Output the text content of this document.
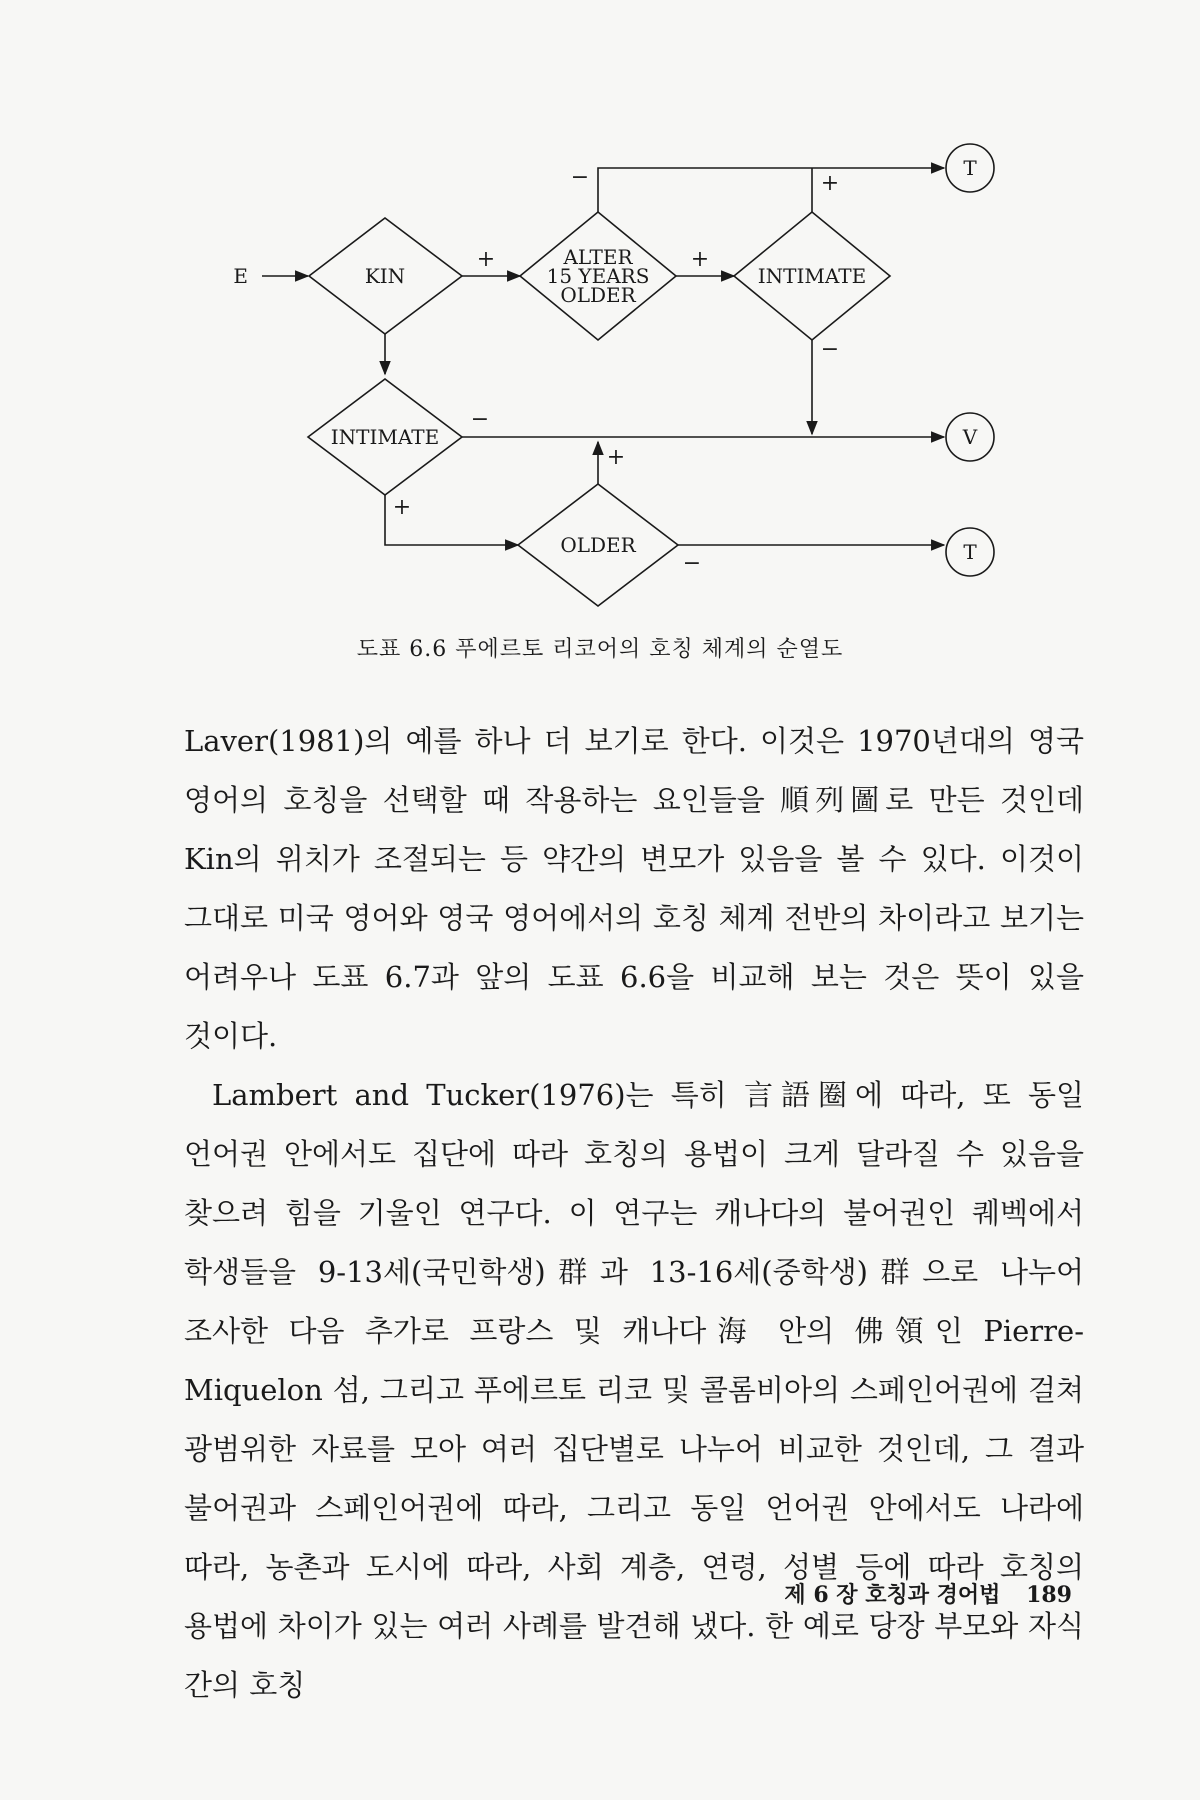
E	KIN
ALTER
15 YEARS
OLDER
INTIMATE
INTIMATE
OLDER
T
V
T
−	+
+	+
−
−
+
+
−
도표 6.6 푸에르토 리코어의 호칭 체계의 순열도

Laver(1981)의 예를 하나 더 보기로 한다. 이것은 1970년대의 영국 영어의 호칭을 선택할 때 작용하는 요인들을 順列圖로 만든 것인데 Kin의 위치가 조절되는 등 약간의 변모가 있음을 볼 수 있다. 이것이 그대로 미국 영어와 영국 영어에서의 호칭 체계 전반의 차이라고 보기는 어려우나 도표 6.7과 앞의 도표 6.6을 비교해 보는 것은 뜻이 있을 것이다.

Lambert and Tucker(1976)는 특히 言語圈에 따라, 또 동일 언어권 안에서도 집단에 따라 호칭의 용법이 크게 달라질 수 있음을 찾으려 힘을 기울인 연구다. 이 연구는 캐나다의 불어권인 퀘벡에서 학생들을 9-13세(국민학생)群과 13-16세(중학생)群으로 나누어 조사한 다음 추가로 프랑스 및 캐나다海 안의 佛領인 Pierre-Miquelon 섬, 그리고 푸에르토 리코 및 콜롬비아의 스페인어권에 걸쳐 광범위한 자료를 모아 여러 집단별로 나누어 비교한 것인데, 그 결과 불어권과 스페인어권에 따라, 그리고 동일 언어권 안에서도 나라에 따라, 농촌과 도시에 따라, 사회 계층, 연령, 성별 등에 따라 호칭의 용법에 차이가 있는 여러 사례를 발견해 냈다. 한 예로 당장 부모와 자식 간의 호칭

제 6 장 호칭과 경어법 189
